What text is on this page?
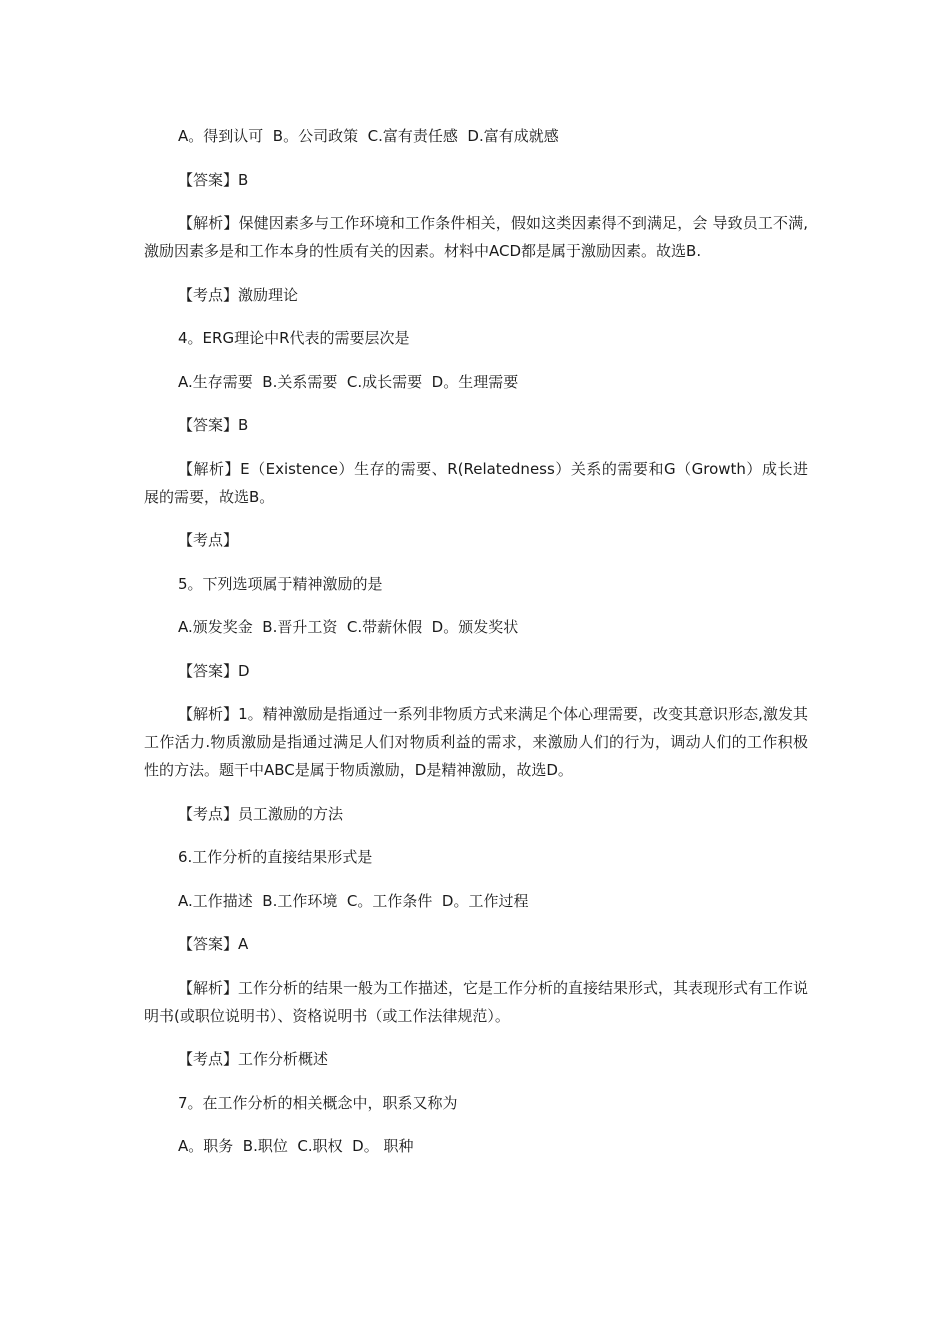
A。得到认可  B。公司政策  C.富有责任感  D.富有成就感

【答案】B

【解析】保健因素多与工作环境和工作条件相关，假如这类因素得不到满足，会 导致员工不满,激励因素多是和工作本身的性质有关的因素。材料中ACD都是属于激励因素。故选B.

【考点】激励理论

4。ERG理论中R代表的需要层次是

A.生存需要  B.关系需要  C.成长需要  D。生理需要

【答案】B

【解析】E（Existence）生存的需要、R(Relatedness）关系的需要和G（Growth）成长进展的需要，故选B。

【考点】

5。下列选项属于精神激励的是

A.颁发奖金  B.晋升工资  C.带薪休假  D。颁发奖状

【答案】D

【解析】1。精神激励是指通过一系列非物质方式来满足个体心理需要，改变其意识形态,激发其工作活力.物质激励是指通过满足人们对物质利益的需求，来激励人们的行为，调动人们的工作积极性的方法。题干中ABC是属于物质激励，D是精神激励，故选D。

【考点】员工激励的方法

6.工作分析的直接结果形式是

A.工作描述  B.工作环境  C。工作条件  D。工作过程

【答案】A

【解析】工作分析的结果一般为工作描述，它是工作分析的直接结果形式，其表现形式有工作说明书(或职位说明书）、资格说明书（或工作法律规范）。

【考点】工作分析概述

7。在工作分析的相关概念中，职系又称为

A。职务  B.职位  C.职权  D。 职种
